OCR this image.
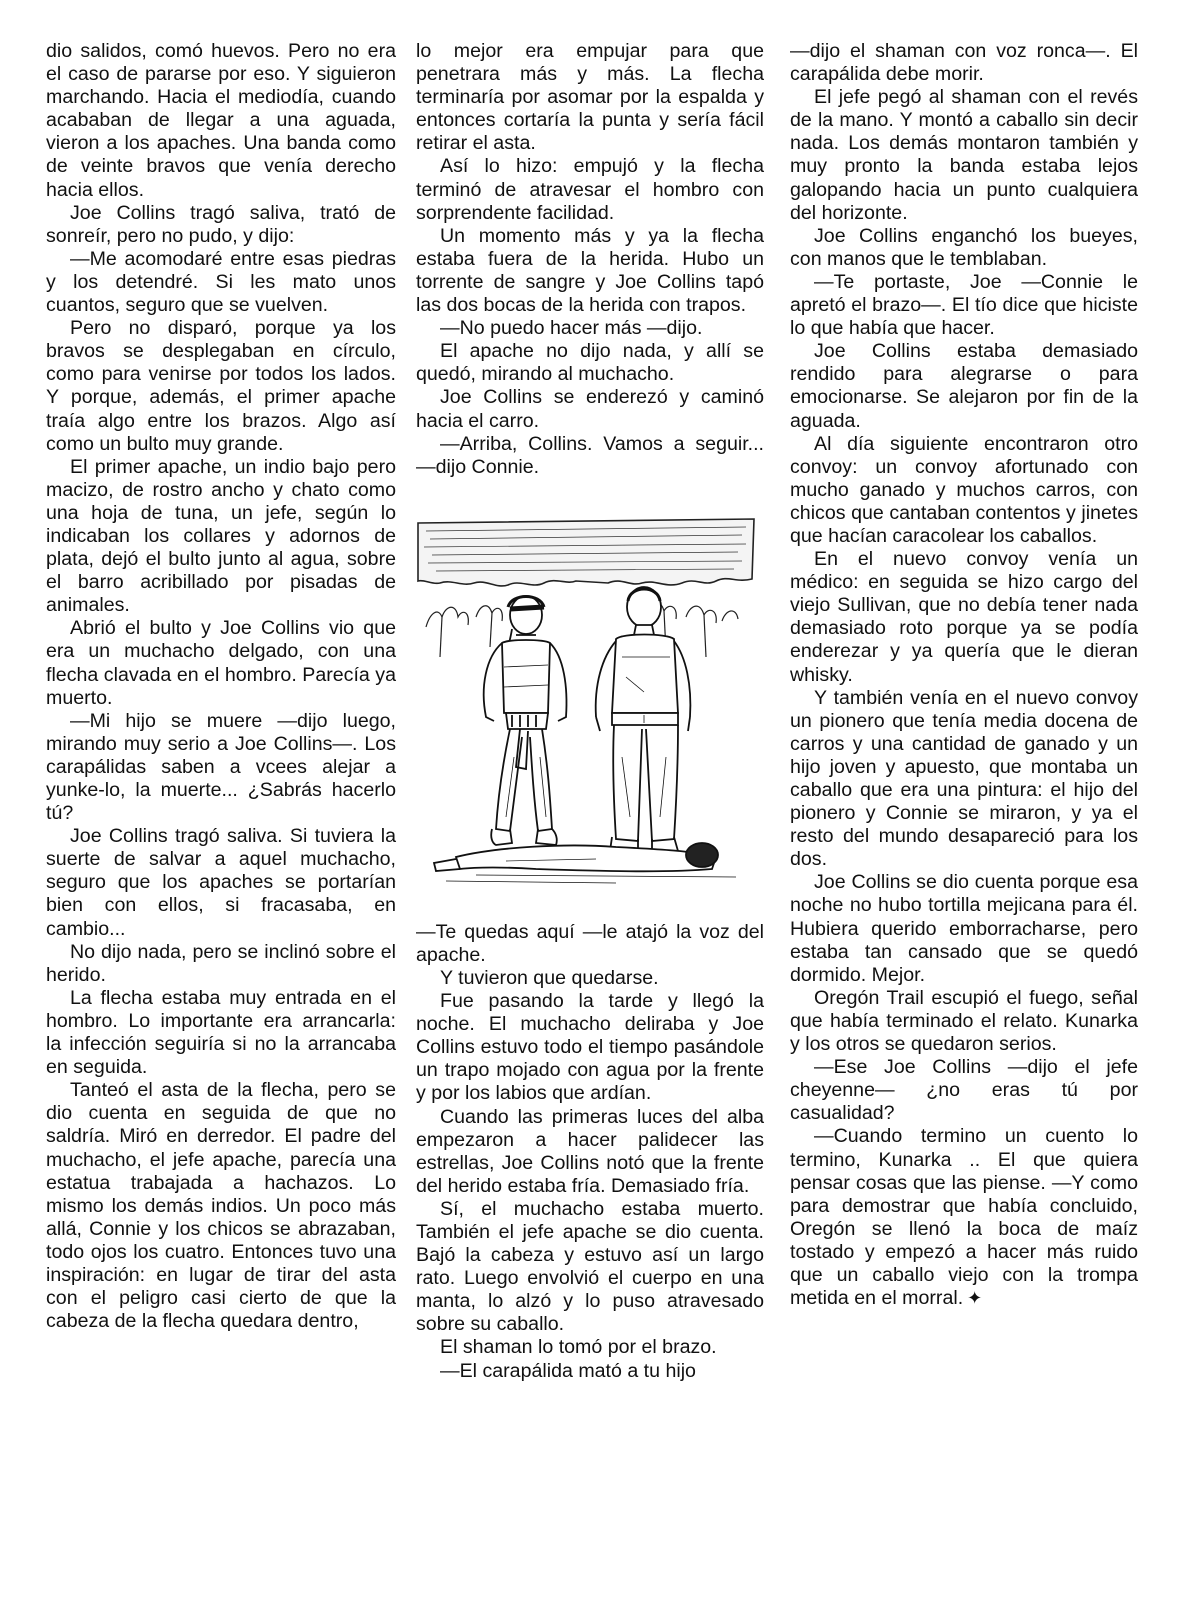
dio salidos, comó huevos. Pero no era el caso de pararse por eso. Y siguieron marchando. Hacia el mediodía, cuando acababan de llegar a una aguada, vieron a los apaches. Una banda como de veinte bravos que venía derecho hacia ellos.

Joe Collins tragó saliva, trató de sonreír, pero no pudo, y dijo:

—Me acomodaré entre esas piedras y los detendré. Si les mato unos cuantos, seguro que se vuelven.

Pero no disparó, porque ya los bravos se desplegaban en círculo, como para venirse por todos los lados. Y porque, además, el primer apache traía algo entre los brazos. Algo así como un bulto muy grande.

El primer apache, un indio bajo pero macizo, de rostro ancho y chato como una hoja de tuna, un jefe, según lo indicaban los collares y adornos de plata, dejó el bulto junto al agua, sobre el barro acribillado por pisadas de animales.

Abrió el bulto y Joe Collins vio que era un muchacho delgado, con una flecha clavada en el hombro. Parecía ya muerto.

—Mi hijo se muere —dijo luego, mirando muy serio a Joe Collins—. Los carapálidas saben a vcees alejar a yunke-lo, la muerte... ¿Sabrás hacerlo tú?

Joe Collins tragó saliva. Si tuviera la suerte de salvar a aquel muchacho, seguro que los apaches se portarían bien con ellos, si fracasaba, en cambio...

No dijo nada, pero se inclinó sobre el herido.

La flecha estaba muy entrada en el hombro. Lo importante era arrancarla: la infección seguiría si no la arrancaba en seguida.

Tanteó el asta de la flecha, pero se dio cuenta en seguida de que no saldría. Miró en derredor. El padre del muchacho, el jefe apache, parecía una estatua trabajada a hachazos. Lo mismo los demás indios. Un poco más allá, Connie y los chicos se abrazaban, todo ojos los cuatro. Entonces tuvo una inspiración: en lugar de tirar del asta con el peligro casi cierto de que la cabeza de la flecha quedara dentro,

lo mejor era empujar para que penetrara más y más. La flecha terminaría por asomar por la espalda y entonces cortaría la punta y sería fácil retirar el asta.

Así lo hizo: empujó y la flecha terminó de atravesar el hombro con sorprendente facilidad.

Un momento más y ya la flecha estaba fuera de la herida. Hubo un torrente de sangre y Joe Collins tapó las dos bocas de la herida con trapos.

—No puedo hacer más —dijo.

El apache no dijo nada, y allí se quedó, mirando al muchacho.

Joe Collins se enderezó y caminó hacia el carro.

—Arriba, Collins. Vamos a seguir... —dijo Connie.

—Te quedas aquí —le atajó la voz del apache.

Y tuvieron que quedarse.

Fue pasando la tarde y llegó la noche. El muchacho deliraba y Joe Collins estuvo todo el tiempo pasándole un trapo mojado con agua por la frente y por los labios que ardían.

Cuando las primeras luces del alba empezaron a hacer palidecer las estrellas, Joe Collins notó que la frente del herido estaba fría. Demasiado fría.

Sí, el muchacho estaba muerto. También el jefe apache se dio cuenta. Bajó la cabeza y estuvo así un largo rato. Luego envolvió el cuerpo en una manta, lo alzó y lo puso atravesado sobre su caballo.

El shaman lo tomó por el brazo.

—El carapálida mató a tu hijo

—dijo el shaman con voz ronca—. El carapálida debe morir.

El jefe pegó al shaman con el revés de la mano. Y montó a caballo sin decir nada. Los demás montaron también y muy pronto la banda estaba lejos galopando hacia un punto cualquiera del horizonte.

Joe Collins enganchó los bueyes, con manos que le temblaban.

—Te portaste, Joe —Connie le apretó el brazo—. El tío dice que hiciste lo que había que hacer.

Joe Collins estaba demasiado rendido para alegrarse o para emocionarse. Se alejaron por fin de la aguada.

Al día siguiente encontraron otro convoy: un convoy afortunado con mucho ganado y muchos carros, con chicos que cantaban contentos y jinetes que hacían caracolear los caballos.

En el nuevo convoy venía un médico: en seguida se hizo cargo del viejo Sullivan, que no debía tener nada demasiado roto porque ya se podía enderezar y ya quería que le dieran whisky.

Y también venía en el nuevo convoy un pionero que tenía media docena de carros y una cantidad de ganado y un hijo joven y apuesto, que montaba un caballo que era una pintura: el hijo del pionero y Connie se miraron, y ya el resto del mundo desapareció para los dos.

Joe Collins se dio cuenta porque esa noche no hubo tortilla mejicana para él. Hubiera querido emborracharse, pero estaba tan cansado que se quedó dormido. Mejor.

Oregón Trail escupió el fuego, señal que había terminado el relato. Kunarka y los otros se quedaron serios.

—Ese Joe Collins —dijo el jefe cheyenne— ¿no eras tú por casualidad?

—Cuando termino un cuento lo termino, Kunarka .. El que quiera pensar cosas que las piense. —Y como para demostrar que había concluido, Oregón se llenó la boca de maíz tostado y empezó a hacer más ruido que un caballo viejo con la trompa metida en el morral. ✦
